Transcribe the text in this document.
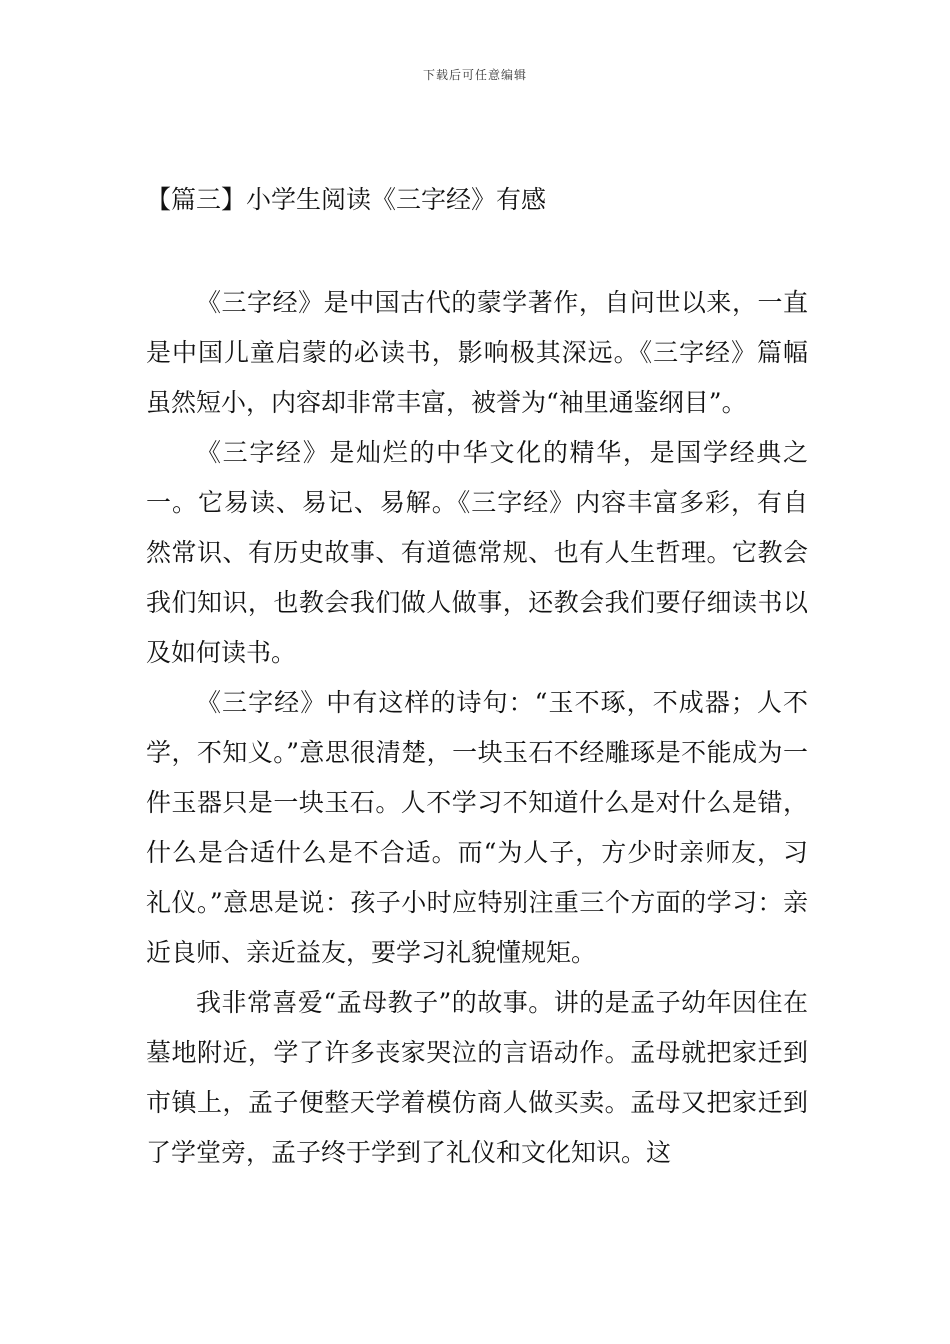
下载后可任意编辑
【篇三】小学生阅读《三字经》有感

《三字经》是中国古代的蒙学著作，自问世以来，一直是中国儿童启蒙的必读书，影响极其深远。《三字经》篇幅虽然短小，内容却非常丰富，被誉为“袖里通鉴纲目”。

《三字经》是灿烂的中华文化的精华，是国学经典之一。它易读、易记、易解。《三字经》内容丰富多彩，有自然常识、有历史故事、有道德常规、也有人生哲理。它教会我们知识，也教会我们做人做事，还教会我们要仔细读书以及如何读书。

《三字经》中有这样的诗句：“玉不琢，不成器；人不学，不知义。”意思很清楚，一块玉石不经雕琢是不能成为一件玉器只是一块玉石。人不学习不知道什么是对什么是错，什么是合适什么是不合适。而“为人子，方少时亲师友，习礼仪。”意思是说：孩子小时应特别注重三个方面的学习：亲近良师、亲近益友，要学习礼貌懂规矩。

我非常喜爱“孟母教子”的故事。讲的是孟子幼年因住在墓地附近，学了许多丧家哭泣的言语动作。孟母就把家迁到市镇上，孟子便整天学着模仿商人做买卖。孟母又把家迁到了学堂旁，孟子终于学到了礼仪和文化知识。这
